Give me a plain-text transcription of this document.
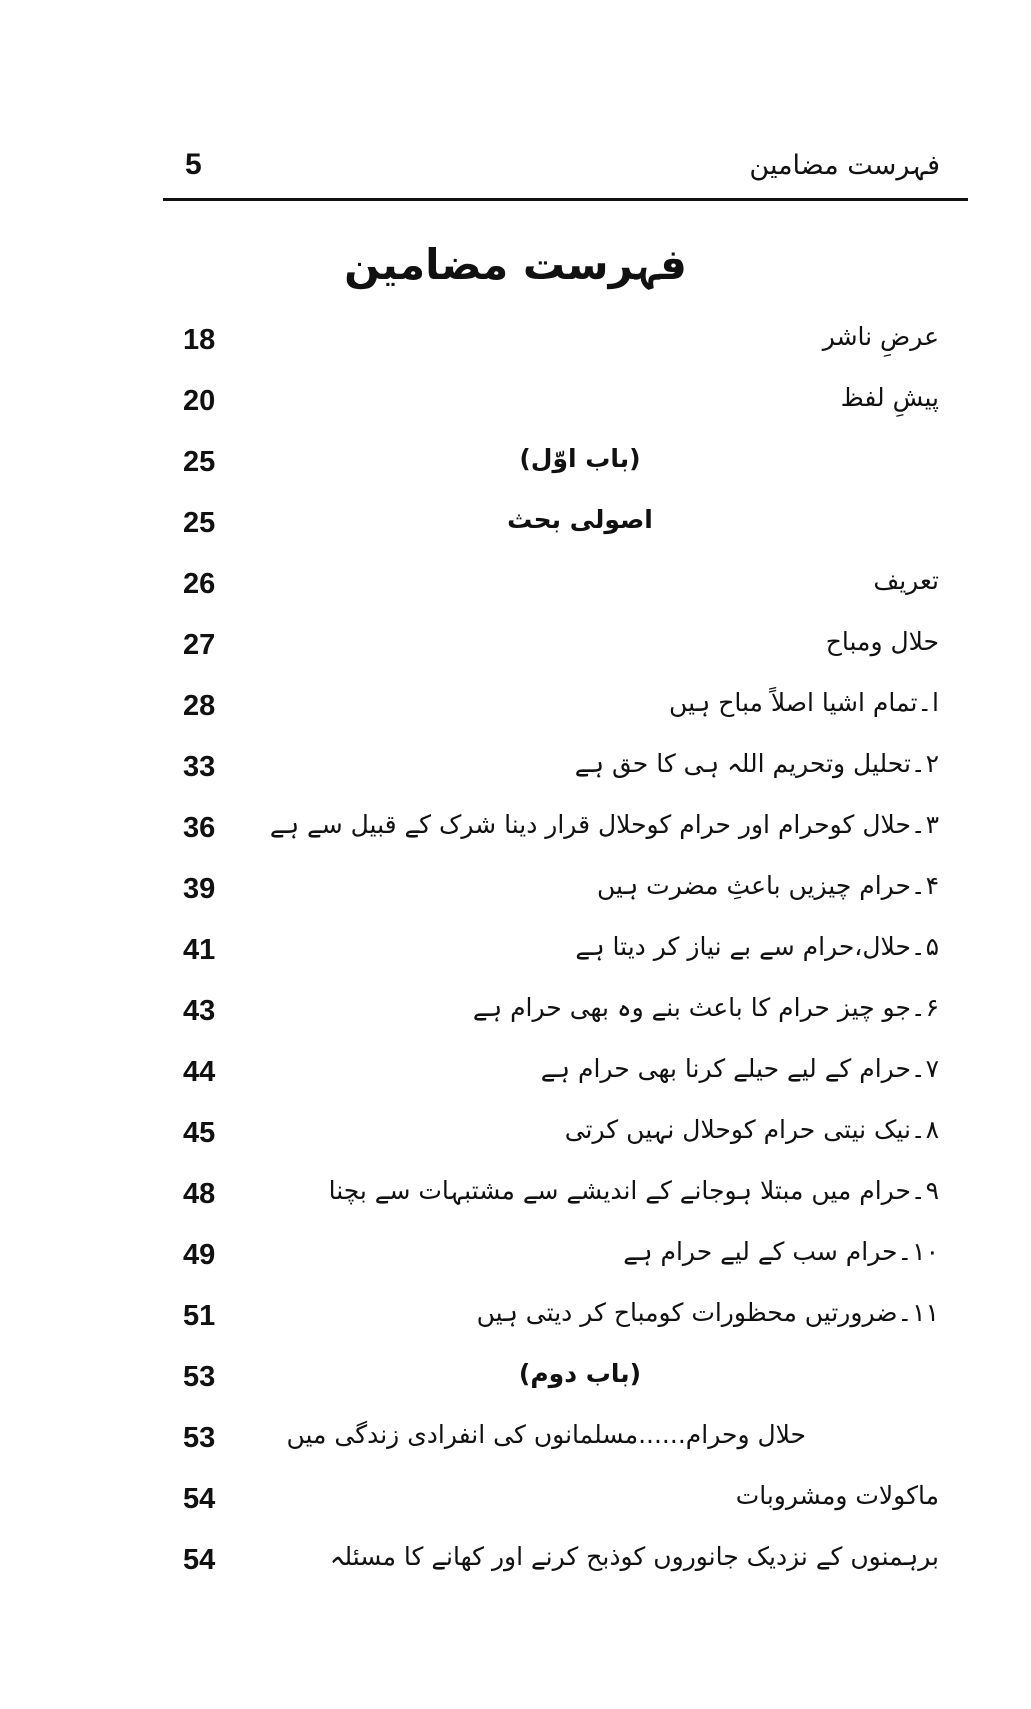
5	فہرست مضامین
فہرست مضامین
18	عرضِ ناشر
20	پیشِ لفظ
25	(باب اوّل)
25	اصولی بحث
26	تعریف
27	حلال ومباح
28	ا۔تمام اشیا اصلاً مباح ہیں
33	۲۔تحلیل وتحریم اللہ ہی کا حق ہے
36 ۳۔حلال کوحرام اور حرام کوحلال قرار دینا شرک کے قبیل سے ہے
39	۴۔حرام چیزیں باعثِ مضرت ہیں
41	۵۔حلال،حرام سے بے نیاز کر دیتا ہے
43	۶۔جو چیز حرام کا باعث بنے وہ بھی حرام ہے
44	۷۔حرام کے لیے حیلے کرنا بھی حرام ہے
45	۸۔نیک نیتی حرام کوحلال نہیں کرتی
48	۹۔حرام میں مبتلا ہوجانے کے اندیشے سے مشتبہات سے بچنا
49	۱۰۔حرام سب کے لیے حرام ہے
51	۱۱۔ضرورتیں محظورات کومباح کر دیتی ہیں
53	(باب دوم)
53	حلال وحرام......مسلمانوں کی انفرادی زندگی میں
54	ماکولات ومشروبات
54	برہمنوں کے نزدیک جانوروں کوذبح کرنے اور کھانے کا مسئلہ
